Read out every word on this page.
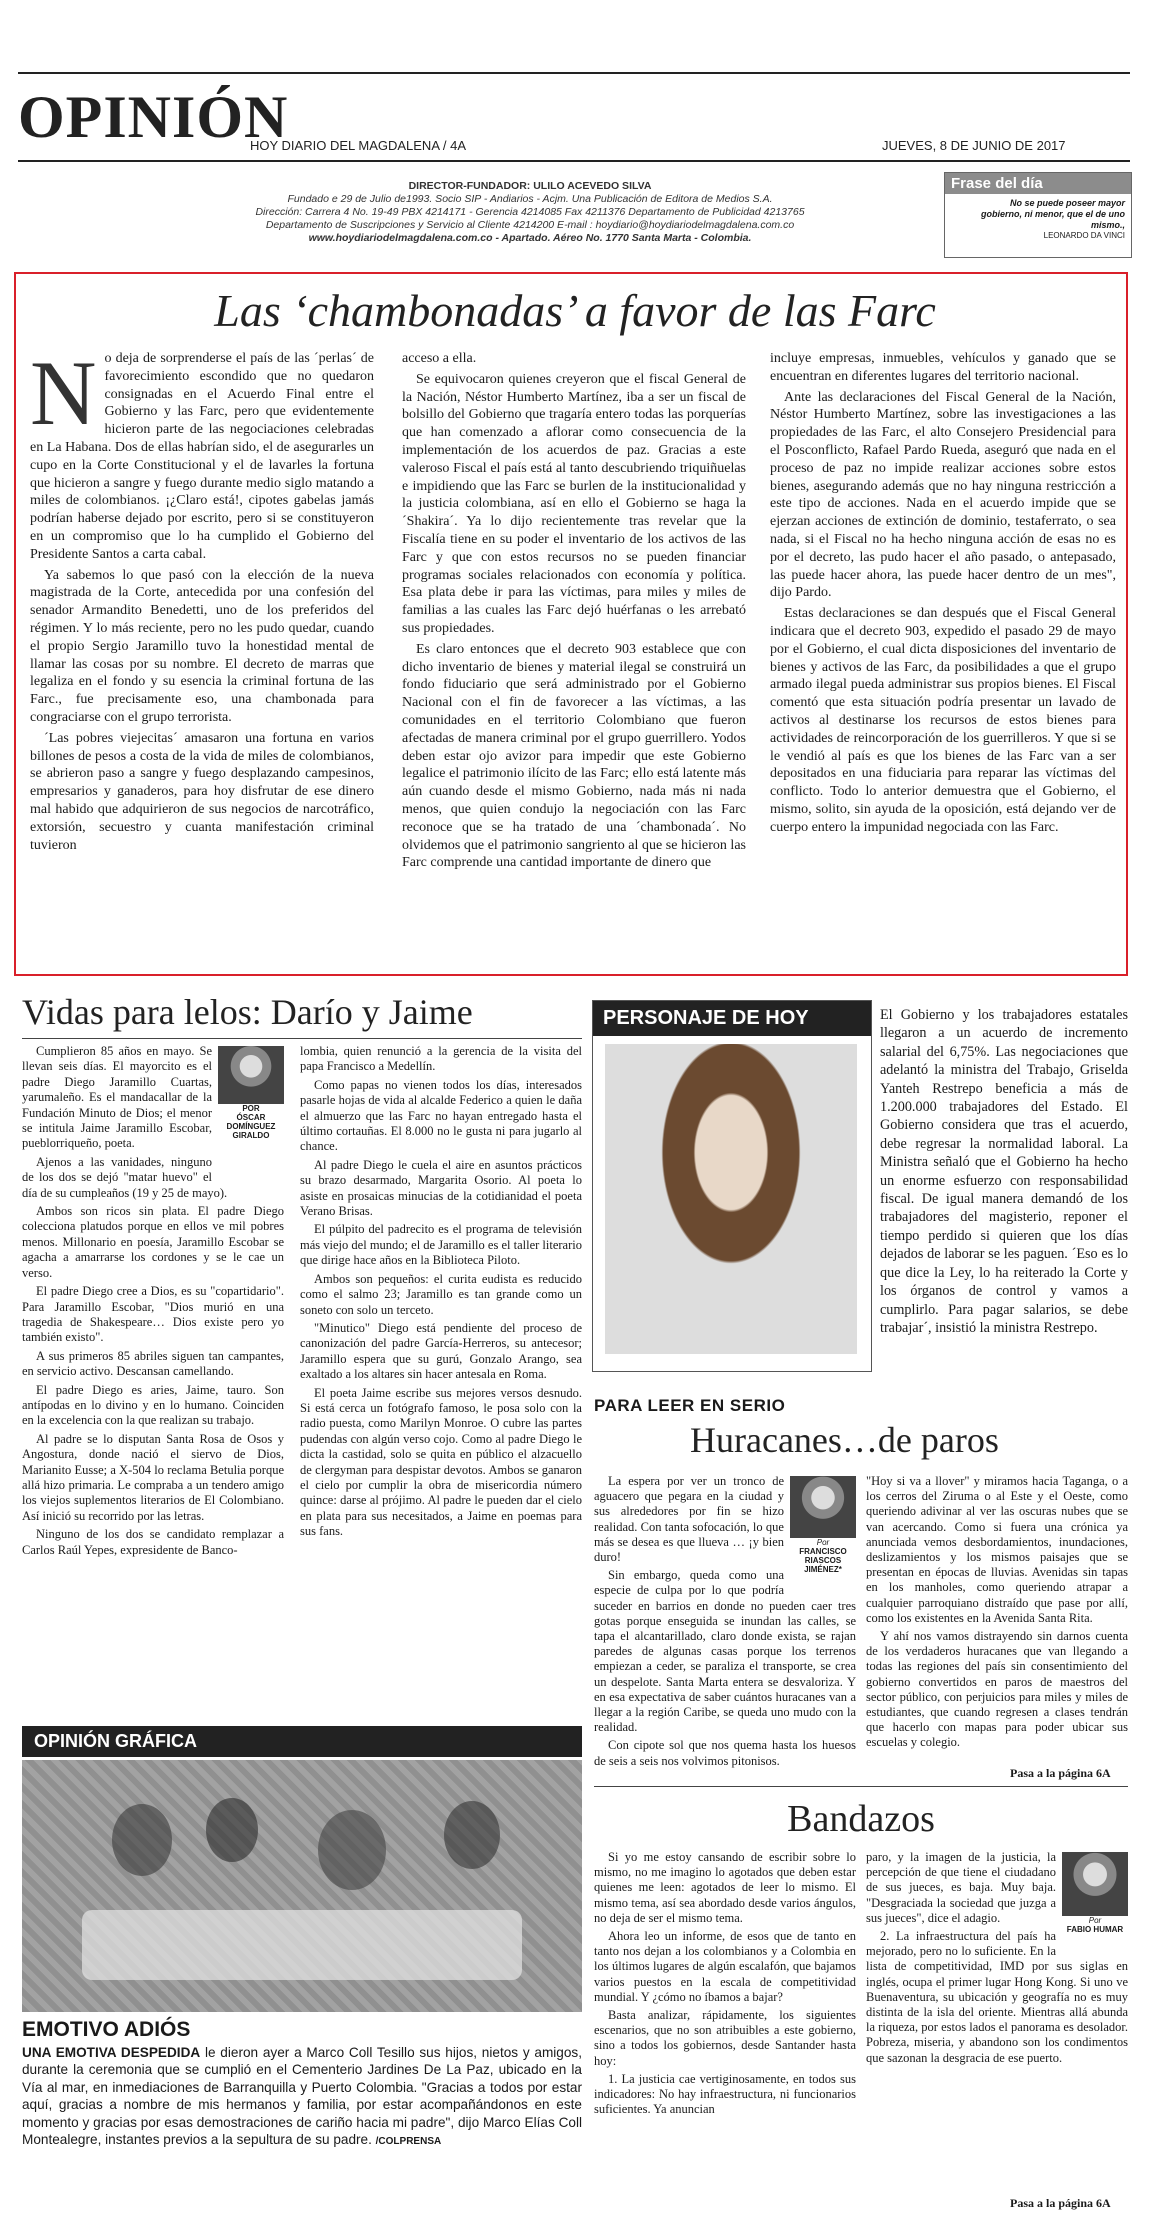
OPINIÓN
HOY DIARIO DEL MAGDALENA / 4A	JUEVES, 8 DE JUNIO DE 2017
DIRECTOR-FUNDADOR: ULILO ACEVEDO SILVA
Fundado e 29 de Julio de1993. Socio SIP - Andiarios - Acjm. Una Publicación de Editora de Medios S.A.
Dirección: Carrera 4 No. 19-49 PBX 4214171 - Gerencia 4214085 Fax 4211376 Departamento de Publicidad 4213765
Departamento de Suscripciones y Servicio al Cliente 4214200 E-mail : hoydiario@hoydiariodelmagdalena.com.co
www.hoydiariodelmagdalena.com.co - Apartado. Aéreo No. 1770 Santa Marta - Colombia.
Frase del día
No se puede poseer mayor gobierno, ni menor, que el de uno mismo.,
LEONARDO DA VINCI
Las ‘chambonadas’ a favor de las Farc
N o deja de sorprenderse el país de las ´perlas´ de favorecimiento escondido que no quedaron consignadas en el Acuerdo Final entre el Gobierno y las Farc, pero que evidentemente hicieron parte de las negociaciones celebradas en La Habana. Dos de ellas habrían sido, el de asegurarles un cupo en la Corte Constitucional y el de lavarles la fortuna que hicieron a sangre y fuego durante medio siglo matando a miles de colombianos. ¡¿Claro está!, cipotes gabelas jamás podrían haberse dejado por escrito, pero si se constituyeron en un compromiso que lo ha cumplido el Gobierno del Presidente Santos a carta cabal.

Ya sabemos lo que pasó con la elección de la nueva magistrada de la Corte, antecedida por una confesión del senador Armandito Benedetti, uno de los preferidos del régimen. Y lo más reciente, pero no les pudo quedar, cuando el propio Sergio Jaramillo tuvo la honestidad mental de llamar las cosas por su nombre. El decreto de marras que legaliza en el fondo y su esencia la criminal fortuna de las Farc., fue precisamente eso, una chambonada para congraciarse con el grupo terrorista.

´Las pobres viejecitas´ amasaron una fortuna en varios billones de pesos a costa de la vida de miles de colombianos, se abrieron paso a sangre y fuego desplazando campesinos, empresarios y ganaderos, para hoy disfrutar de ese dinero mal habido que adquirieron de sus negocios de narcotráfico, extorsión, secuestro y cuanta manifestación criminal tuvieron

acceso a ella.

Se equivocaron quienes creyeron que el fiscal General de la Nación, Néstor Humberto Martínez, iba a ser un fiscal de bolsillo del Gobierno que tragaría entero todas las porquerías que han comenzado a aflorar como consecuencia de la implementación de los acuerdos de paz. Gracias a este valeroso Fiscal el país está al tanto descubriendo triquiñuelas e impidiendo que las Farc se burlen de la institucionalidad y la justicia colombiana, así en ello el Gobierno se haga la ´Shakira´. Ya lo dijo recientemente tras revelar que la Fiscalía tiene en su poder el inventario de los activos de las Farc y que con estos recursos no se pueden financiar programas sociales relacionados con economía y política. Esa plata debe ir para las víctimas, para miles y miles de familias a las cuales las Farc dejó huérfanas o les arrebató sus propiedades.

Es claro entonces que el decreto 903 establece que con dicho inventario de bienes y material ilegal se construirá un fondo fiduciario que será administrado por el Gobierno Nacional con el fin de favorecer a las víctimas, a las comunidades en el territorio Colombiano que fueron afectadas de manera criminal por el grupo guerrillero. Yodos deben estar ojo avizor para impedir que este Gobierno legalice el patrimonio ilícito de las Farc; ello está latente más aún cuando desde el mismo Gobierno, nada más ni nada menos, que quien condujo la negociación con las Farc reconoce que se ha tratado de una ´chambonada´. No olvidemos que el patrimonio sangriento al que se hicieron las Farc comprende una cantidad importante de dinero que

incluye empresas, inmuebles, vehículos y ganado que se encuentran en diferentes lugares del territorio nacional.

Ante las declaraciones del Fiscal General de la Nación, Néstor Humberto Martínez, sobre las investigaciones a las propiedades de las Farc, el alto Consejero Presidencial para el Posconflicto, Rafael Pardo Rueda, aseguró que nada en el proceso de paz no impide realizar acciones sobre estos bienes, asegurando además que no hay ninguna restricción a este tipo de acciones. Nada en el acuerdo impide que se ejerzan acciones de extinción de dominio, testaferrato, o sea nada, si el Fiscal no ha hecho ninguna acción de esas no es por el decreto, las pudo hacer el año pasado, o antepasado, las puede hacer ahora, las puede hacer dentro de un mes", dijo Pardo.

Estas declaraciones se dan después que el Fiscal General indicara que el decreto 903, expedido el pasado 29 de mayo por el Gobierno, el cual dicta disposiciones del inventario de bienes y activos de las Farc, da posibilidades a que el grupo armado ilegal pueda administrar sus propios bienes. El Fiscal comentó que esta situación podría presentar un lavado de activos al destinarse los recursos de estos bienes para actividades de reincorporación de los guerrilleros. Y que si se le vendió al país es que los bienes de las Farc van a ser depositados en una fiduciaria para reparar las víctimas del conflicto. Todo lo anterior demuestra que el Gobierno, el mismo, solito, sin ayuda de la oposición, está dejando ver de cuerpo entero la impunidad negociada con las Farc.

Vidas para lelos: Darío y Jaime
POR
ÓSCAR DOMÍNGUEZ GIRALDO

Cumplieron 85 años en mayo. Se llevan seis días. El mayorcito es el padre Diego Jaramillo Cuartas, yarumaleño. Es el mandacallar de la Fundación Minuto de Dios; el menor se intitula Jaime Jaramillo Escobar, pueblorriqueño, poeta.

Ajenos a las vanidades, ninguno de los dos se dejó "matar huevo" el día de su cumpleaños (19 y 25 de mayo).

Ambos son ricos sin plata. El padre Diego colecciona platudos porque en ellos ve mil pobres menos. Millonario en poesía, Jaramillo Escobar se agacha a amarrarse los cordones y se le cae un verso.

El padre Diego cree a Dios, es su "copartidario". Para Jaramillo Escobar, "Dios murió en una tragedia de Shakespeare… Dios existe pero yo también existo".

A sus primeros 85 abriles siguen tan campantes, en servicio activo. Descansan camellando.

El padre Diego es aries, Jaime, tauro. Son antípodas en lo divino y en lo humano. Coinciden en la excelencia con la que realizan su trabajo.

Al padre se lo disputan Santa Rosa de Osos y Angostura, donde nació el siervo de Dios, Marianito Eusse; a X-504 lo reclama Betulia porque allá hizo primaria. Le compraba a un tendero amigo los viejos suplementos literarios de El Colombiano. Así inició su recorrido por las letras.

Ninguno de los dos se candidato remplazar a Carlos Raúl Yepes, expresidente de Banco-

lombia, quien renunció a la gerencia de la visita del papa Francisco a Medellín.

Como papas no vienen todos los días, interesados pasarle hojas de vida al alcalde Federico a quien le daña el almuerzo que las Farc no hayan entregado hasta el último cortauñas. El 8.000 no le gusta ni para jugarlo al chance.

Al padre Diego le cuela el aire en asuntos prácticos su brazo desarmado, Margarita Osorio. Al poeta lo asiste en prosaicas minucias de la cotidianidad el poeta Verano Brisas.

El púlpito del padrecito es el programa de televisión más viejo del mundo; el de Jaramillo es el taller literario que dirige hace años en la Biblioteca Piloto.

Ambos son pequeños: el curita eudista es reducido como el salmo 23; Jaramillo es tan grande como un soneto con solo un terceto.

"Minutico" Diego está pendiente del proceso de canonización del padre García-Herreros, su antecesor; Jaramillo espera que su gurú, Gonzalo Arango, sea exaltado a los altares sin hacer antesala en Roma.

El poeta Jaime escribe sus mejores versos desnudo. Si está cerca un fotógrafo famoso, le posa solo con la radio puesta, como Marilyn Monroe. O cubre las partes pudendas con algún verso cojo. Como al padre Diego le dicta la castidad, solo se quita en público el alzacuello de clergyman para despistar devotos. Ambos se ganaron el cielo por cumplir la obra de misericordia número quince: darse al prójimo. Al padre le pueden dar el cielo en plata para sus necesitados, a Jaime en poemas para sus fans.

PERSONAJE DE HOY	El Gobierno y los trabajadores estatales llegaron a un acuerdo de incremento salarial del 6,75%. Las negociaciones que adelantó la ministra del Trabajo, Griselda Yanteh Restrepo beneficia a más de 1.200.000 trabajadores del Estado. El Gobierno considera que tras el acuerdo, debe regresar la normalidad laboral. La Ministra señaló que el Gobierno ha hecho un enorme esfuerzo con responsabilidad fiscal. De igual manera demandó de los trabajadores del magisterio, reponer el tiempo perdido si quieren que los días dejados de laborar se les paguen. ´Eso es lo que dice la Ley, lo ha reiterado la Corte y los órganos de control y vamos a cumplirlo. Para pagar salarios, se debe trabajar´, insistió la ministra Restrepo.
PARA LEER EN SERIO
Huracanes…de paros
Por
FRANCISCO RIASCOS JIMÉNEZ*

La espera por ver un tronco de aguacero que pegara en la ciudad y sus alrededores por fin se hizo realidad. Con tanta sofocación, lo que más se desea es que llueva … ¡y bien duro!

Sin embargo, queda como una especie de culpa por lo que podría suceder en barrios en donde no pueden caer tres gotas porque enseguida se inundan las calles, se tapa el alcantarillado, claro donde exista, se rajan paredes de algunas casas porque los terrenos empiezan a ceder, se paraliza el transporte, se crea un despelote. Santa Marta entera se desvaloriza. Y en esa expectativa de saber cuántos huracanes van a llegar a la región Caribe, se queda uno mudo con la realidad.

Con cipote sol que nos quema hasta los huesos de seis a seis nos volvimos pitonisos.

"Hoy si va a llover" y miramos hacia Taganga, o a los cerros del Ziruma o al Este y el Oeste, como queriendo adivinar al ver las oscuras nubes que se van acercando. Como si fuera una crónica ya anunciada vemos desbordamientos, inundaciones, deslizamientos y los mismos paisajes que se presentan en épocas de lluvias. Avenidas sin tapas en los manholes, como queriendo atrapar a cualquier parroquiano distraído que pase por allí, como los existentes en la Avenida Santa Rita.

Y ahí nos vamos distrayendo sin darnos cuenta de los verdaderos huracanes que van llegando a todas las regiones del país sin consentimiento del gobierno convertidos en paros de maestros del sector público, con perjuicios para miles y miles de estudiantes, que cuando regresen a clases tendrán que hacerlo con mapas para poder ubicar sus escuelas y colegio.

Pasa a la página 6A
OPINIÓN GRÁFICA
EMOTIVO ADIÓS
UNA EMOTIVA DESPEDIDA le dieron ayer a Marco Coll Tesillo sus hijos, nietos y amigos, durante la ceremonia que se cumplió en el Cementerio Jardines De La Paz, ubicado en la Vía al mar, en inmediaciones de Barranquilla y Puerto Colombia. "Gracias a todos por estar aquí, gracias a nombre de mis hermanos y familia, por estar acompañándonos en este momento y gracias por esas demostraciones de cariño hacia mi padre", dijo Marco Elías Coll Montealegre, instantes previos a la sepultura de su padre. /COLPRENSA
Bandazos

Si yo me estoy cansando de escribir sobre lo mismo, no me imagino lo agotados que deben estar quienes me leen: agotados de leer lo mismo. El mismo tema, así sea abordado desde varios ángulos, no deja de ser el mismo tema.

Ahora leo un informe, de esos que de tanto en tanto nos dejan a los colombianos y a Colombia en los últimos lugares de algún escalafón, que bajamos varios puestos en la escala de competitividad mundial. Y ¿cómo no íbamos a bajar?

Basta analizar, rápidamente, los siguientes escenarios, que no son atribuibles a este gobierno, sino a todos los gobiernos, desde Santander hasta hoy:

1. La justicia cae vertiginosamente, en todos sus indicadores: No hay infraestructura, ni funcionarios suficientes. Ya anuncian

Por
FABIO HUMAR

paro, y la imagen de la justicia, la percepción de que tiene el ciudadano de sus jueces, es baja. Muy baja. "Desgraciada la sociedad que juzga a sus jueces", dice el adagio.

2. La infraestructura del país ha mejorado, pero no lo suficiente. En la lista de competitividad, IMD por sus siglas en inglés, ocupa el primer lugar Hong Kong. Si uno ve Buenaventura, su ubicación y geografía no es muy distinta de la isla del oriente. Mientras allá abunda la riqueza, por estos lados el panorama es desolador. Pobreza, miseria, y abandono son los condimentos que sazonan la desgracia de ese puerto.

Pasa a la página 6A
